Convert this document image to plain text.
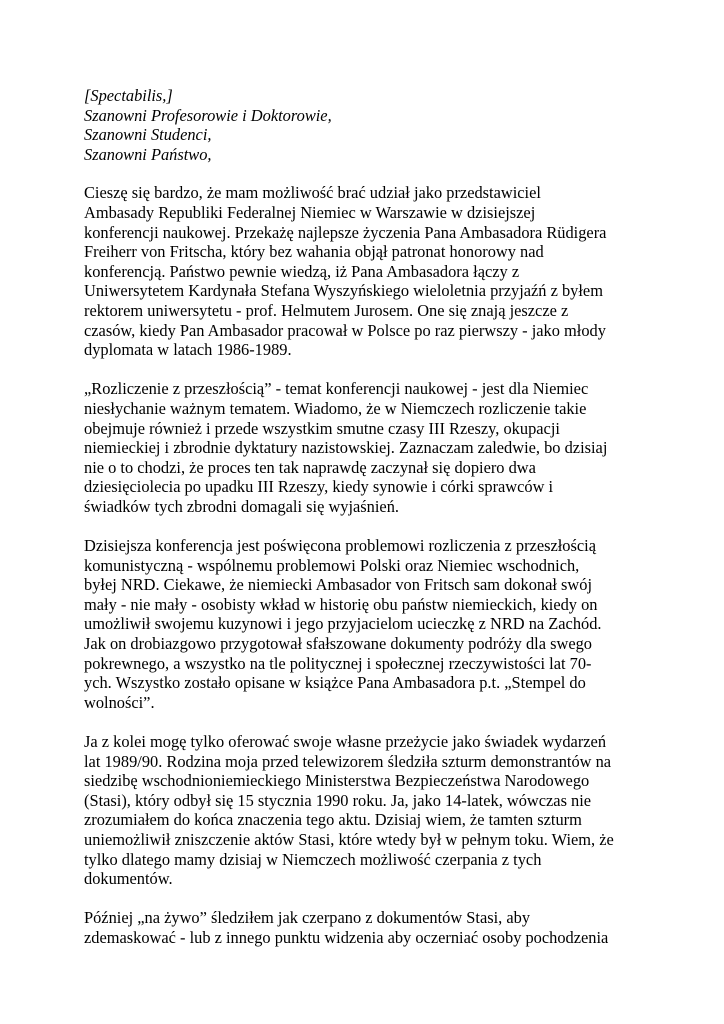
[Spectabilis,]
Szanowni Profesorowie i Doktorowie,
Szanowni Studenci,
Szanowni Państwo,
Cieszę się bardzo, że mam możliwość brać udział jako przedstawiciel
Ambasady Republiki Federalnej Niemiec w Warszawie w dzisiejszej
konferencji naukowej. Przekażę najlepsze życzenia Pana Ambasadora Rüdigera
Freiherr von Fritscha, który bez wahania objął patronat honorowy nad
konferencją. Państwo pewnie wiedzą, iż Pana Ambasadora łączy z
Uniwersytetem Kardynała Stefana Wyszyńskiego wieloletnia przyjaźń z byłem
rektorem uniwersytetu - prof. Helmutem Jurosem. One się znają jeszcze z
czasów, kiedy Pan Ambasador pracował w Polsce po raz pierwszy - jako młody
dyplomata w latach 1986-1989.
„Rozliczenie z przeszłością” - temat konferencji naukowej - jest dla Niemiec
niesłychanie ważnym tematem. Wiadomo, że w Niemczech rozliczenie takie
obejmuje również i przede wszystkim smutne czasy III Rzeszy, okupacji
niemieckiej i zbrodnie dyktatury nazistowskiej. Zaznaczam zaledwie, bo dzisiaj
nie o to chodzi, że proces ten tak naprawdę zaczynał się dopiero dwa
dziesięciolecia po upadku III Rzeszy, kiedy synowie i córki sprawców i
świadków tych zbrodni domagali się wyjaśnień.
Dzisiejsza konferencja jest poświęcona problemowi rozliczenia z przeszłością
komunistyczną - wspólnemu problemowi Polski oraz Niemiec wschodnich,
byłej NRD. Ciekawe, że niemiecki Ambasador von Fritsch sam dokonał swój
mały - nie mały - osobisty wkład w historię obu państw niemieckich, kiedy on
umożliwił swojemu kuzynowi i jego przyjacielom ucieczkę z NRD na Zachód.
Jak on drobiazgowo przygotował sfałszowane dokumenty podróży dla swego
pokrewnego, a wszystko na tle politycznej i społecznej rzeczywistości lat 70-
ych. Wszystko zostało opisane w książce Pana Ambasadora p.t. „Stempel do
wolności”.
Ja z kolei mogę tylko oferować swoje własne przeżycie jako świadek wydarzeń
lat 1989/90. Rodzina moja przed telewizorem śledziła szturm demonstrantów na
siedzibę wschodnioniemieckiego Ministerstwa Bezpieczeństwa Narodowego
(Stasi), który odbył się 15 stycznia 1990 roku. Ja, jako 14-latek, wówczas nie
zrozumiałem do końca znaczenia tego aktu. Dzisiaj wiem, że tamten szturm
uniemożliwił zniszczenie aktów Stasi, które wtedy był w pełnym toku. Wiem, że
tylko dlatego mamy dzisiaj w Niemczech możliwość czerpania z tych
dokumentów.
Później „na żywo” śledziłem jak czerpano z dokumentów Stasi, aby
zdemaskować - lub z innego punktu widzenia aby oczerniać osoby pochodzenia
